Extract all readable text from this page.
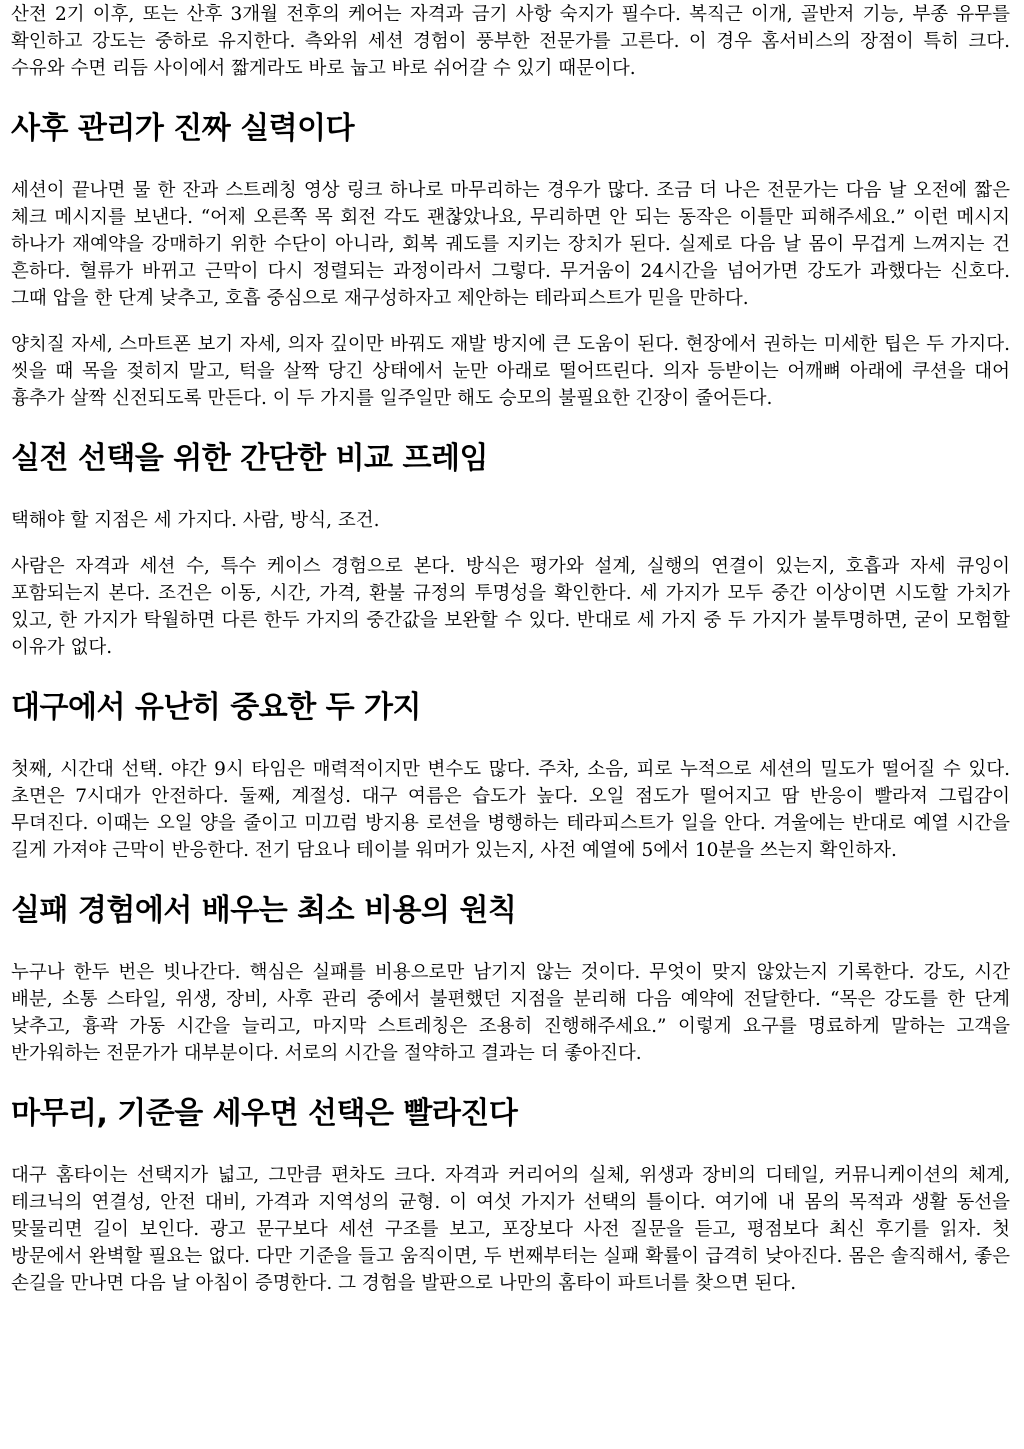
산전 2기 이후, 또는 산후 3개월 전후의 케어는 자격과 금기 사항 숙지가 필수다. 복직근 이개, 골반저 기능, 부종 유무를 확인하고 강도는 중하로 유지한다. 측와위 세션 경험이 풍부한 전문가를 고른다. 이 경우 홈서비스의 장점이 특히 크다. 수유와 수면 리듬 사이에서 짧게라도 바로 눕고 바로 쉬어갈 수 있기 때문이다.

사후 관리가 진짜 실력이다

세션이 끝나면 물 한 잔과 스트레칭 영상 링크 하나로 마무리하는 경우가 많다. 조금 더 나은 전문가는 다음 날 오전에 짧은 체크 메시지를 보낸다. “어제 오른쪽 목 회전 각도 괜찮았나요, 무리하면 안 되는 동작은 이틀만 피해주세요.” 이런 메시지 하나가 재예약을 강매하기 위한 수단이 아니라, 회복 궤도를 지키는 장치가 된다. 실제로 다음 날 몸이 무겁게 느껴지는 건 흔하다. 혈류가 바뀌고 근막이 다시 정렬되는 과정이라서 그렇다. 무거움이 24시간을 넘어가면 강도가 과했다는 신호다. 그때 압을 한 단계 낮추고, 호흡 중심으로 재구성하자고 제안하는 테라피스트가 믿을 만하다.

양치질 자세, 스마트폰 보기 자세, 의자 깊이만 바꿔도 재발 방지에 큰 도움이 된다. 현장에서 권하는 미세한 팁은 두 가지다. 씻을 때 목을 젖히지 말고, 턱을 살짝 당긴 상태에서 눈만 아래로 떨어뜨린다. 의자 등받이는 어깨뼈 아래에 쿠션을 대어 흉추가 살짝 신전되도록 만든다. 이 두 가지를 일주일만 해도 승모의 불필요한 긴장이 줄어든다.

실전 선택을 위한 간단한 비교 프레임

택해야 할 지점은 세 가지다. 사람, 방식, 조건.

사람은 자격과 세션 수, 특수 케이스 경험으로 본다. 방식은 평가와 설계, 실행의 연결이 있는지, 호흡과 자세 큐잉이 포함되는지 본다. 조건은 이동, 시간, 가격, 환불 규정의 투명성을 확인한다. 세 가지가 모두 중간 이상이면 시도할 가치가 있고, 한 가지가 탁월하면 다른 한두 가지의 중간값을 보완할 수 있다. 반대로 세 가지 중 두 가지가 불투명하면, 굳이 모험할 이유가 없다.

대구에서 유난히 중요한 두 가지

첫째, 시간대 선택. 야간 9시 타임은 매력적이지만 변수도 많다. 주차, 소음, 피로 누적으로 세션의 밀도가 떨어질 수 있다. 초면은 7시대가 안전하다. 둘째, 계절성. 대구 여름은 습도가 높다. 오일 점도가 떨어지고 땀 반응이 빨라져 그립감이 무뎌진다. 이때는 오일 양을 줄이고 미끄럼 방지용 로션을 병행하는 테라피스트가 일을 안다. 겨울에는 반대로 예열 시간을 길게 가져야 근막이 반응한다. 전기 담요나 테이블 워머가 있는지, 사전 예열에 5에서 10분을 쓰는지 확인하자.

실패 경험에서 배우는 최소 비용의 원칙

누구나 한두 번은 빗나간다. 핵심은 실패를 비용으로만 남기지 않는 것이다. 무엇이 맞지 않았는지 기록한다. 강도, 시간 배분, 소통 스타일, 위생, 장비, 사후 관리 중에서 불편했던 지점을 분리해 다음 예약에 전달한다. “목은 강도를 한 단계 낮추고, 흉곽 가동 시간을 늘리고, 마지막 스트레칭은 조용히 진행해주세요.” 이렇게 요구를 명료하게 말하는 고객을 반가워하는 전문가가 대부분이다. 서로의 시간을 절약하고 결과는 더 좋아진다.

마무리, 기준을 세우면 선택은 빨라진다

대구 홈타이는 선택지가 넓고, 그만큼 편차도 크다. 자격과 커리어의 실체, 위생과 장비의 디테일, 커뮤니케이션의 체계, 테크닉의 연결성, 안전 대비, 가격과 지역성의 균형. 이 여섯 가지가 선택의 틀이다. 여기에 내 몸의 목적과 생활 동선을 맞물리면 길이 보인다. 광고 문구보다 세션 구조를 보고, 포장보다 사전 질문을 듣고, 평점보다 최신 후기를 읽자. 첫 방문에서 완벽할 필요는 없다. 다만 기준을 들고 움직이면, 두 번째부터는 실패 확률이 급격히 낮아진다. 몸은 솔직해서, 좋은 손길을 만나면 다음 날 아침이 증명한다. 그 경험을 발판으로 나만의 홈타이 파트너를 찾으면 된다.
